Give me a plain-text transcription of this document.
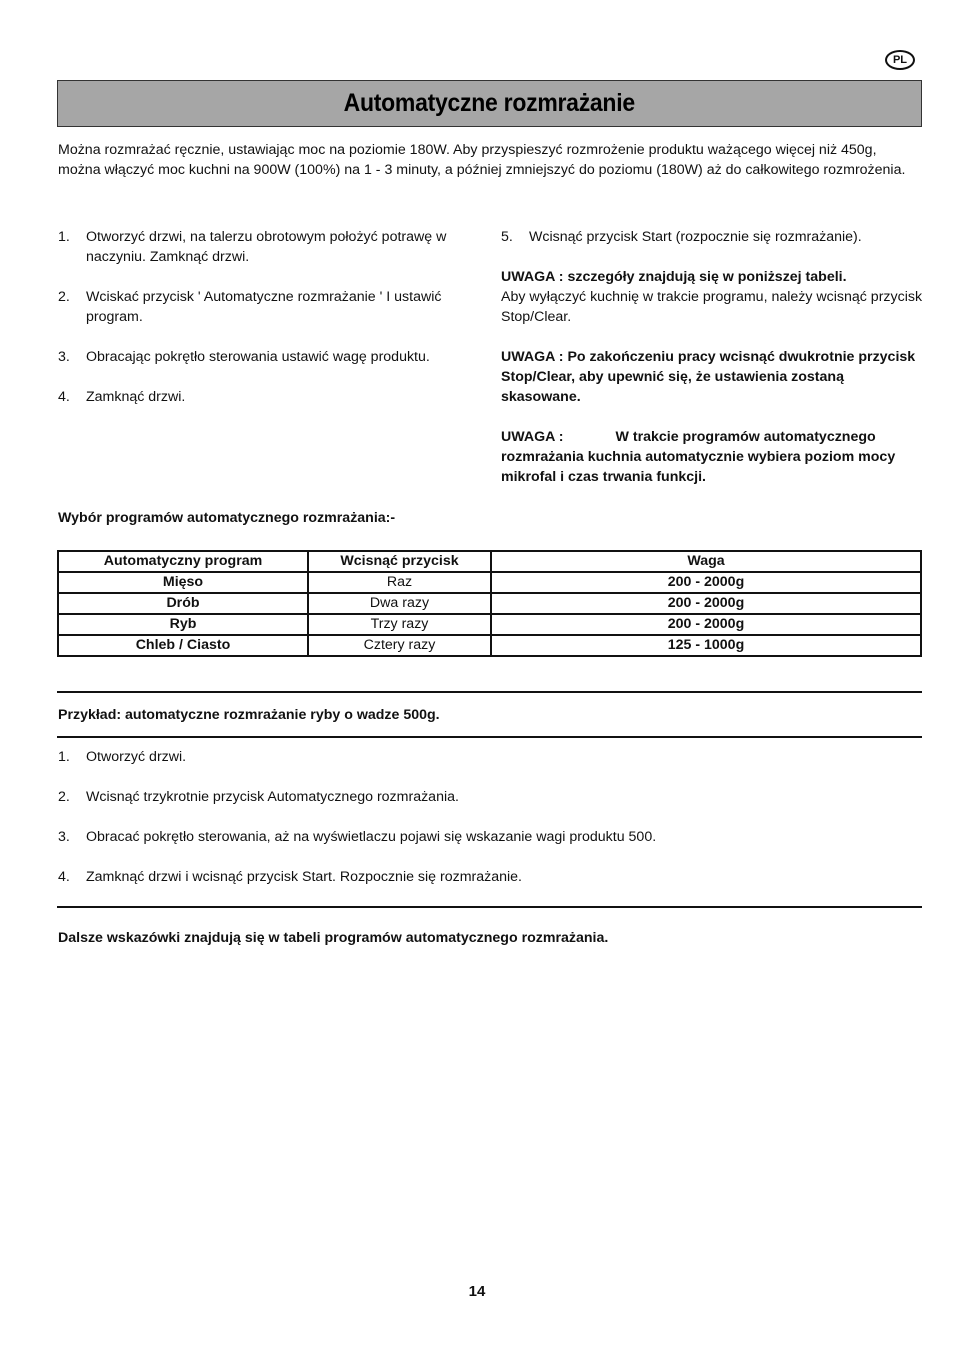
PL
Automatyczne rozmrażanie

Można rozmrażać ręcznie, ustawiając moc na poziomie 180W. Aby przyspieszyć rozmrożenie produktu ważącego więcej niż 450g, można włączyć moc kuchni na 900W (100%) na 1 - 3 minuty, a później zmniejszyć do poziomu (180W) aż do całkowitego rozmrożenia.

1.	Otworzyć drzwi, na talerzu obrotowym położyć potrawę w naczyniu. Zamknąć drzwi.
2.	Wciskać przycisk ' Automatyczne rozmrażanie ' I ustawić program.
3.	Obracając pokrętło sterowania ustawić wagę produktu.
4.	Zamknąć drzwi.
5.	Wcisnąć przycisk Start (rozpocznie się rozmrażanie).

UWAGA : szczegóły znajdują się w poniższej tabeli.

Aby wyłączyć kuchnię w trakcie programu, należy wcisnąć przycisk Stop/Clear.

UWAGA : Po zakończeniu pracy wcisnąć dwukrotnie przycisk Stop/Clear, aby upewnić się, że ustawienia zostaną skasowane.

UWAGA :	W trakcie programów automatycznego rozmrażania kuchnia automatycznie wybiera poziom mocy mikrofal i czas trwania funkcji.

Wybór programów automatycznego rozmrażania:-

Automatyczny program	Wcisnąć przycisk	Waga
Mięso	Raz	200 - 2000g
Drób	Dwa razy	200 - 2000g
Ryb	Trzy razy	200 - 2000g
Chleb / Ciasto	Cztery razy	125 - 1000g

Przykład: automatyczne rozmrażanie ryby o wadze 500g.

1.	Otworzyć drzwi.
2.	Wcisnąć trzykrotnie przycisk Automatycznego rozmrażania.
3.	Obracać pokrętło sterowania, aż na wyświetlaczu pojawi się wskazanie wagi produktu 500.
4.	Zamknąć drzwi i wcisnąć przycisk Start. Rozpocznie się rozmrażanie.

Dalsze wskazówki znajdują się w tabeli programów automatycznego rozmrażania.

14
